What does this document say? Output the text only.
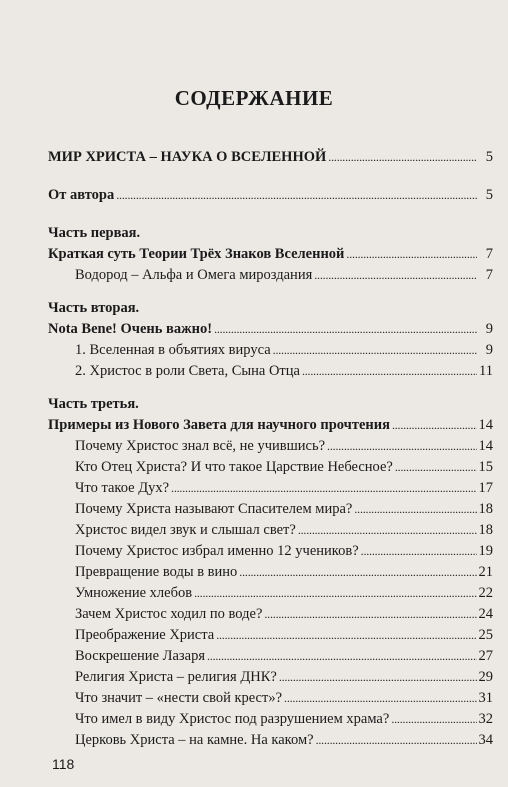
СОДЕРЖАНИЕ
МИР ХРИСТА – НАУКА О ВСЕЛЕННОЙ . . .	5
От автора . . .	5
Часть первая.
Краткая суть Теории Трёх Знаков Вселенной . . .	7
Водород – Альфа и Омега мироздания . . .	7
Часть вторая.
Nota Bene! Очень важно! . . .	9
1. Вселенная в объятиях вируса . . .	9
2. Христос в роли Света, Сына Отца . . .	11
Часть третья.
Примеры из Нового Завета для научного прочтения . . .	14
Почему Христос знал всё, не учившись? . . .	14
Кто Отец Христа? И что такое Царствие Небесное? . . .	15
Что такое Дух? . . .	17
Почему Христа называют Спасителем мира? . . .	18
Христос видел звук и слышал свет? . . .	18
Почему Христос избрал именно 12 учеников? . . .	19
Превращение воды в вино . . .	21
Умножение хлебов . . .	22
Зачем Христос ходил по воде? . . .	24
Преображение Христа . . .	25
Воскрешение Лазаря . . .	27
Религия Христа – религия ДНК? . . .	29
Что значит – «нести свой крест»? . . .	31
Что имел в виду Христос под разрушением храма? . . .	32
Церковь Христа – на камне. На каком? . . .	34
118
